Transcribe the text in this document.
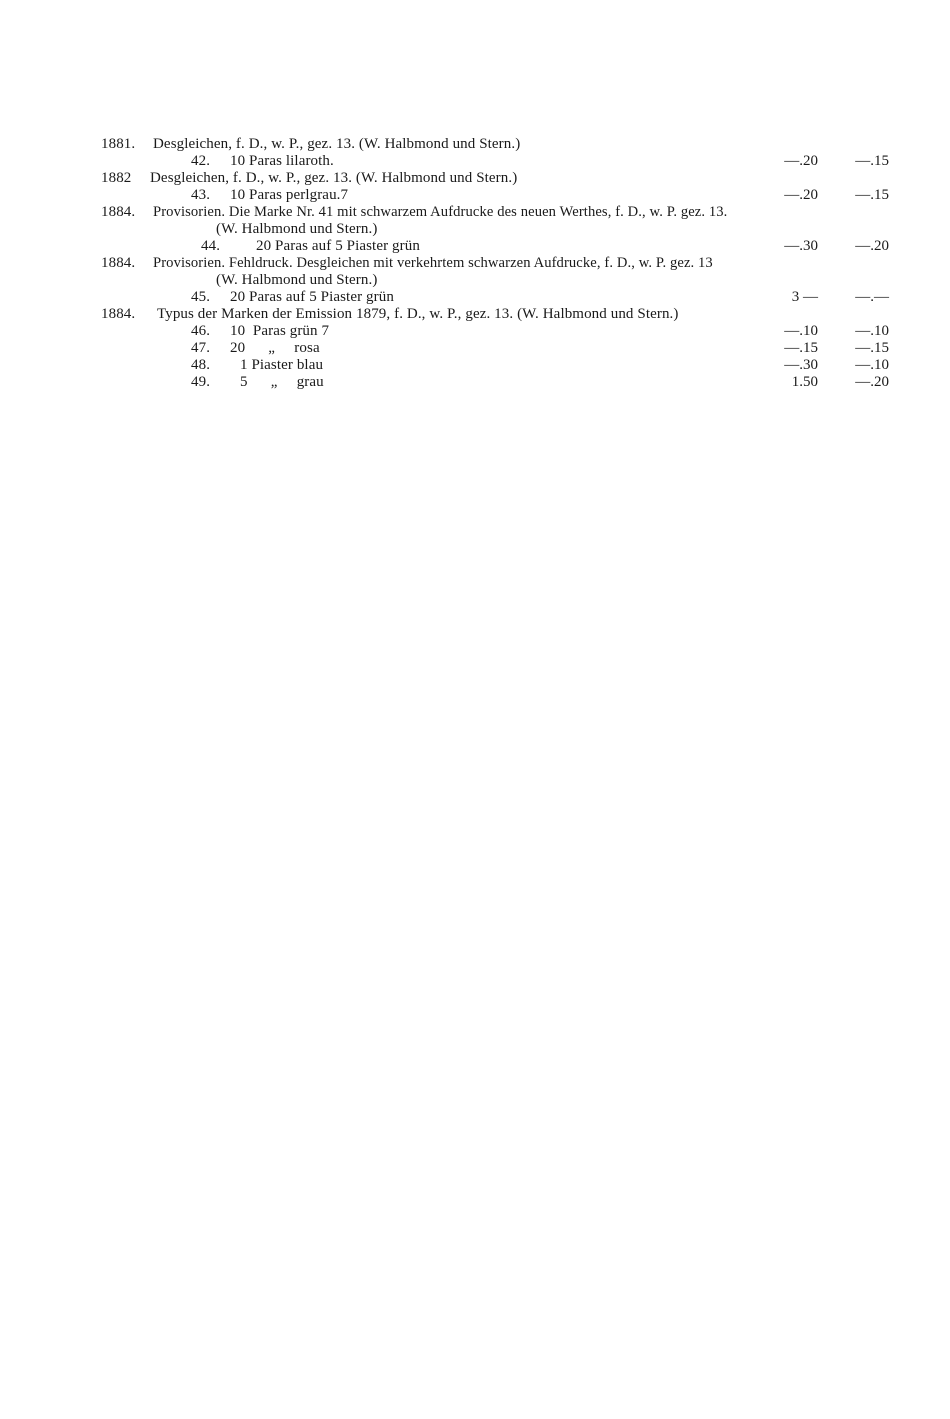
1881. Desgleichen, f. D., w. P., gez. 13. (W. Halbmond und Stern.)
42. 10 Paras lilaroth.	—.20 —.15
1882 Desgleichen, f. D., w. P., gez. 13. (W. Halbmond und Stern.)
43. 10 Paras perlgrau.7	—.20 —.15
1884. Provisorien. Die Marke Nr. 41 mit schwarzem Aufdrucke des neuen Werthes, f. D., w. P. gez. 13.
(W. Halbmond und Stern.)
44. 20 Paras auf 5 Piaster grün	—.30 —.20
1884. Provisorien. Fehldruck. Desgleichen mit verkehrtem schwarzen Aufdrucke, f. D., w. P. gez. 13
(W. Halbmond und Stern.)
45. 20 Paras auf 5 Piaster grün	3 — —.—
1884. Typus der Marken der Emission 1879, f. D., w. P., gez. 13. (W. Halbmond und Stern.)
46. 10  Paras grün 7	—.10 —.10
47. 20      „     rosa	—.15 —.15
48. 1 Piaster blau	—.30 —.10
49. 5      „     grau	1.50 —.20
